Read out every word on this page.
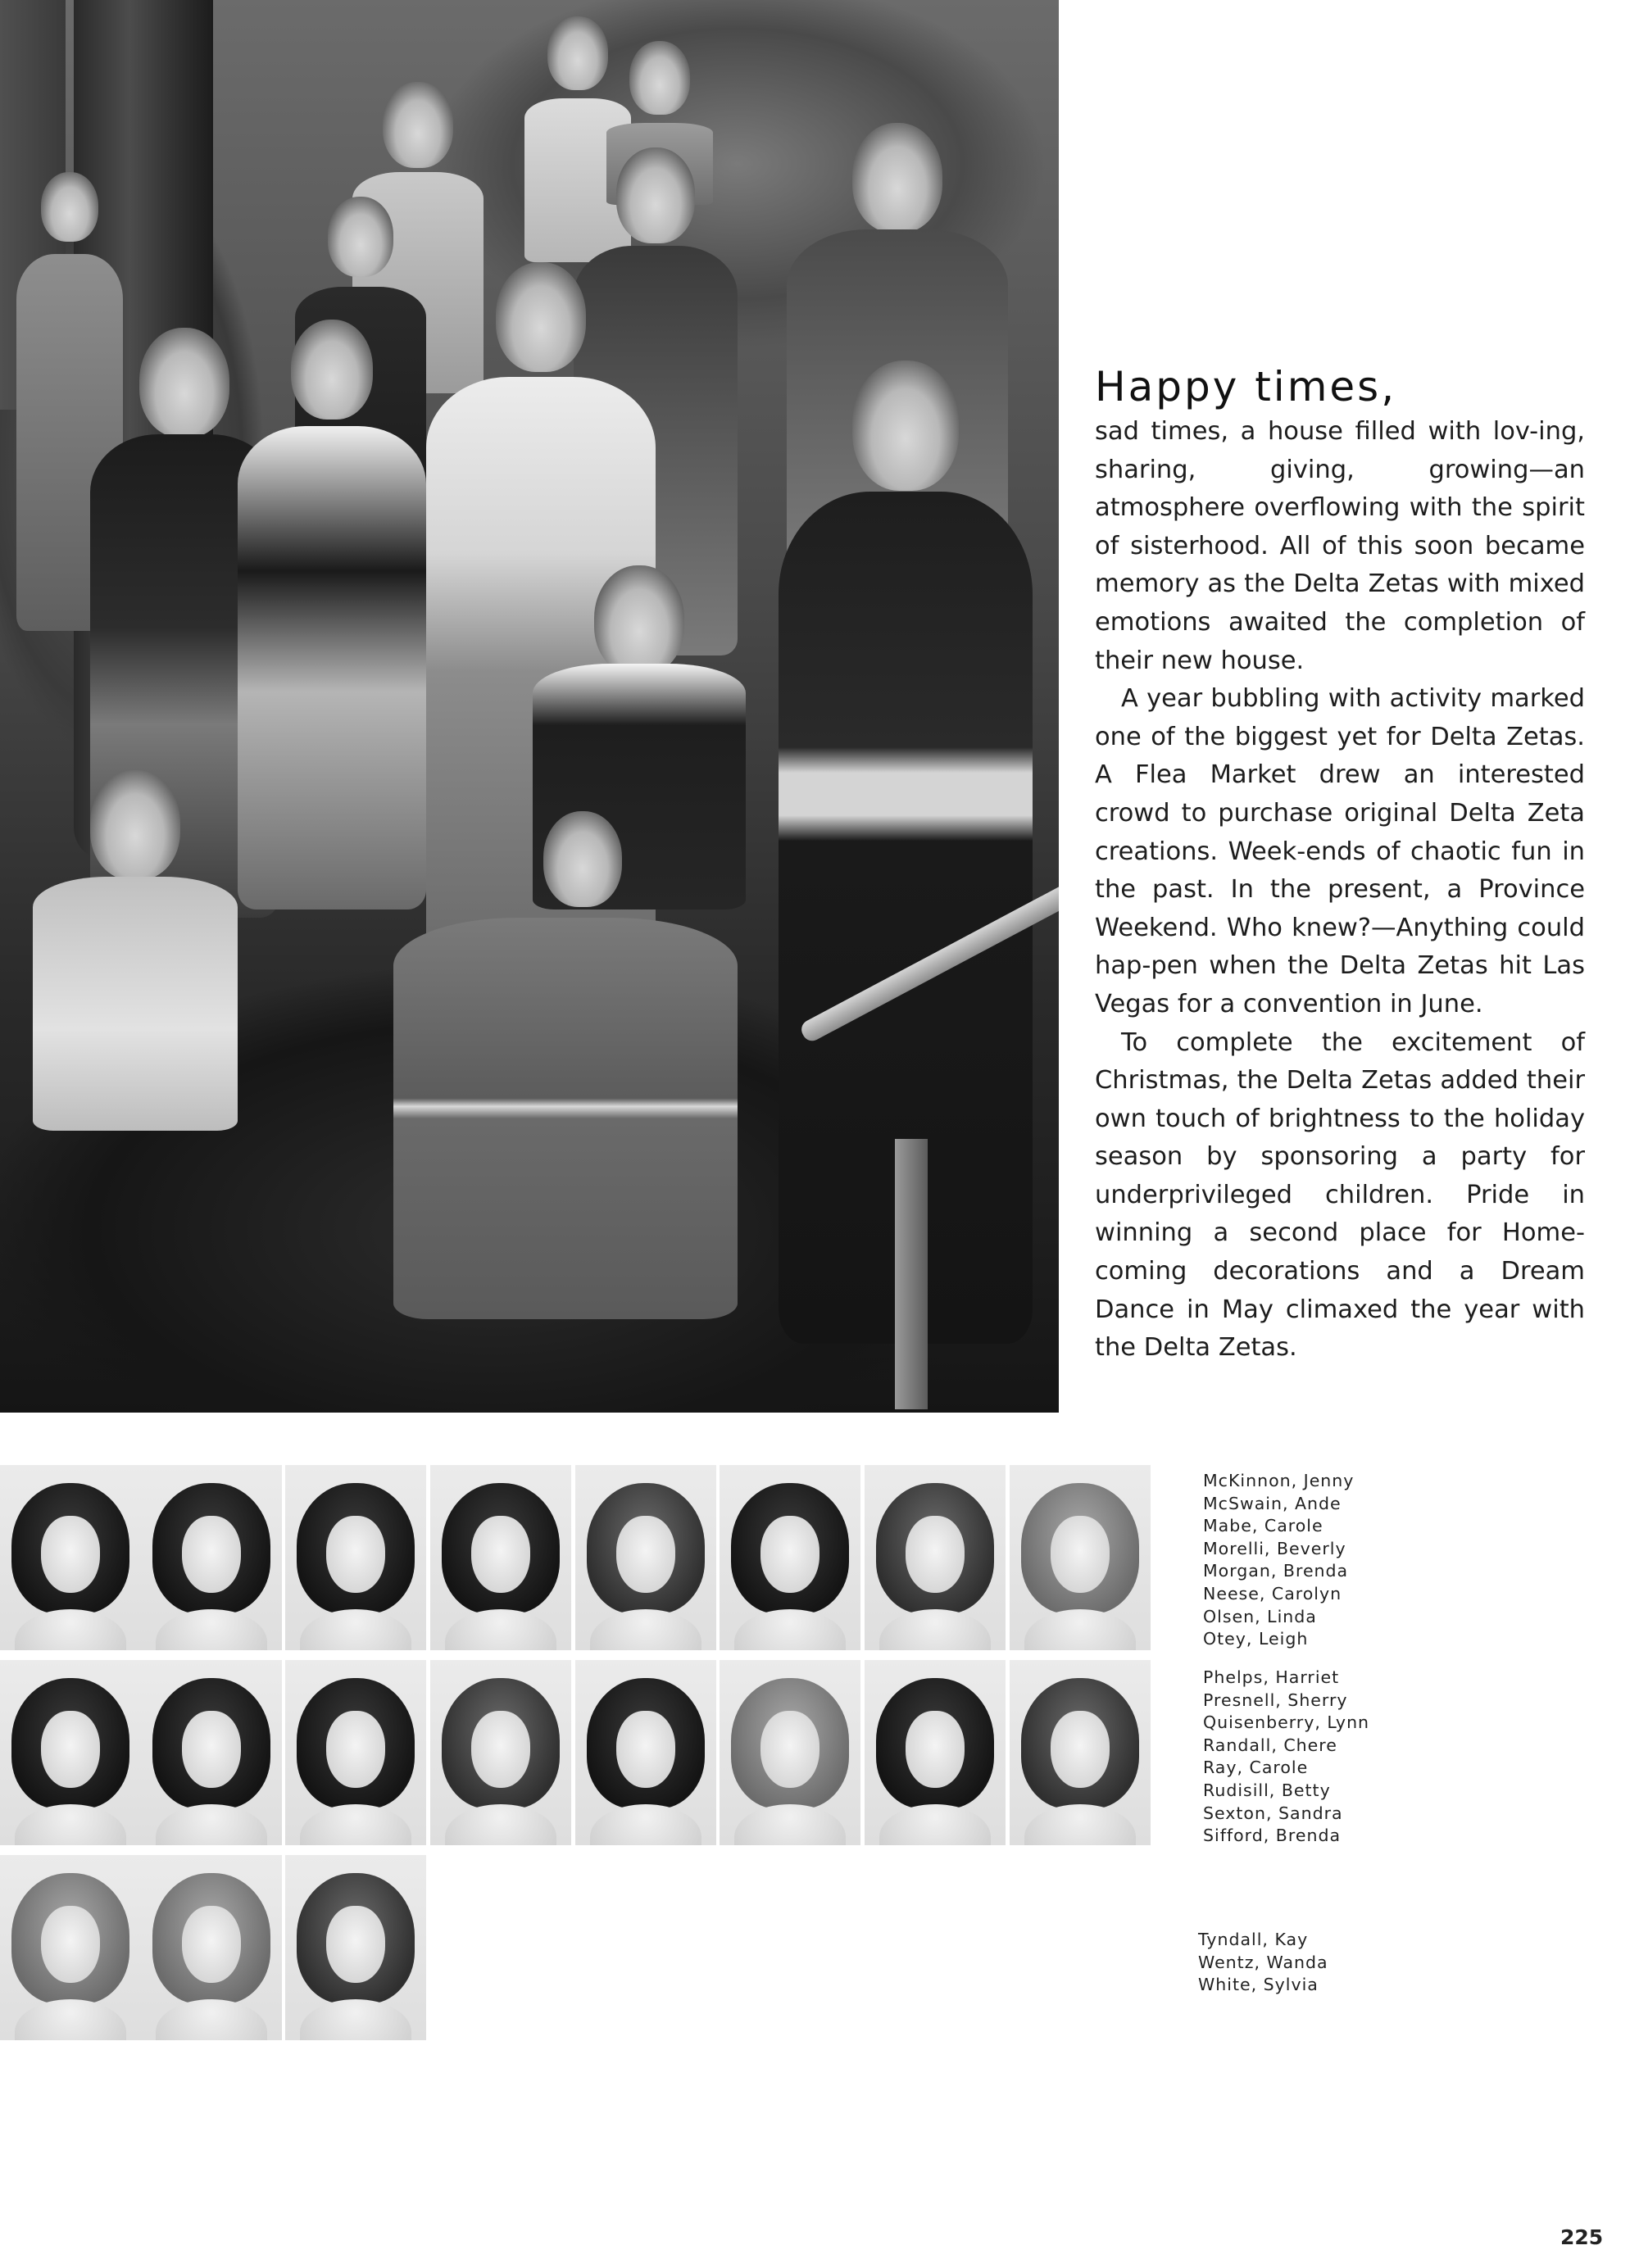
Happy times,

sad times, a house filled with lov-ing, sharing, giving, growing—an atmosphere overflowing with the spirit of sisterhood. All of this soon became memory as the Delta Zetas with mixed emotions awaited the completion of their new house.

A year bubbling with activity marked one of the biggest yet for Delta Zetas. A Flea Market drew an interested crowd to purchase original Delta Zeta creations. Week-ends of chaotic fun in the past. In the present, a Province Weekend. Who knew?—Anything could hap-pen when the Delta Zetas hit Las Vegas for a convention in June.

To complete the excitement of Christmas, the Delta Zetas added their own touch of brightness to the holiday season by sponsoring a party for underprivileged children. Pride in winning a second place for Home-coming decorations and a Dream Dance in May climaxed the year with the Delta Zetas.

McKinnon, Jenny
McSwain, Ande
Mabe, Carole
Morelli, Beverly
Morgan, Brenda
Neese, Carolyn
Olsen, Linda
Otey, Leigh
Phelps, Harriet
Presnell, Sherry
Quisenberry, Lynn
Randall, Chere
Ray, Carole
Rudisill, Betty
Sexton, Sandra
Sifford, Brenda
Tyndall, Kay
Wentz, Wanda
White, Sylvia
225
